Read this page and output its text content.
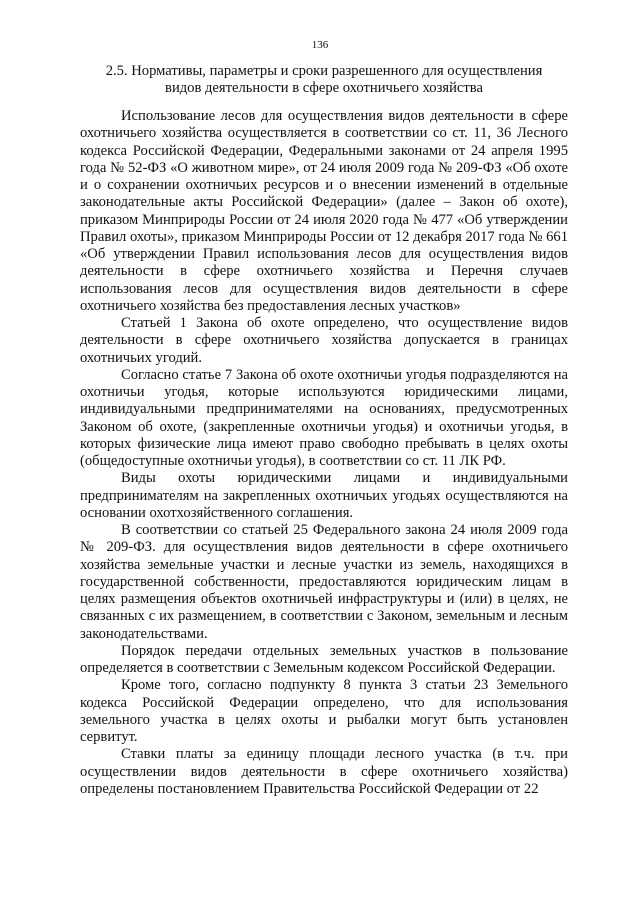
136
2.5. Нормативы, параметры и сроки разрешенного для осуществления
видов деятельности в сфере охотничьего хозяйства

Использование лесов для осуществления видов деятельности в сфере охотничьего хозяйства осуществляется в соответствии со ст. 11, 36 Лесного кодекса Российской Федерации, Федеральными законами от 24 апреля 1995 года № 52-ФЗ «О животном мире», от 24 июля 2009 года № 209-ФЗ «Об охоте и о сохранении охотничьих ресурсов и о внесении изменений в отдельные законодательные акты Российской Федерации» (далее – Закон об охоте), приказом Минприроды России от 24 июля 2020 года № 477 «Об утверждении Правил охоты», приказом Минприроды России от 12 декабря 2017 года № 661 «Об утверждении Правил использования лесов для осуществления видов деятельности в сфере охотничьего хозяйства и Перечня случаев использования лесов для осуществления видов деятельности в сфере охотничьего хозяйства без предоставления лесных участков»

Статьей 1 Закона об охоте определено, что осуществление видов деятельности в сфере охотничьего хозяйства допускается в границах охотничьих угодий.

Согласно статье 7 Закона об охоте охотничьи угодья подразделяются на охотничьи угодья, которые используются юридическими лицами, индивидуальными предпринимателями на основаниях, предусмотренных Законом об охоте, (закрепленные охотничьи угодья) и охотничьи угодья, в которых физические лица имеют право свободно пребывать в целях охоты (общедоступные охотничьи угодья), в соответствии со ст. 11 ЛК РФ.

Виды охоты юридическими лицами и индивидуальными предпринимателям на закрепленных охотничьих угодьях осуществляются на основании охотхозяйственного соглашения.

В соответствии со статьей 25 Федерального закона 24 июля 2009 года № 209-ФЗ. для осуществления видов деятельности в сфере охотничьего хозяйства земельные участки и лесные участки из земель, находящихся в государственной собственности, предоставляются юридическим лицам в целях размещения объектов охотничьей инфраструктуры и (или) в целях, не связанных с их размещением, в соответствии с Законом, земельным и лесным законодательствами.

Порядок передачи отдельных земельных участков в пользование определяется в соответствии с Земельным кодексом Российской Федерации.

Кроме того, согласно подпункту 8 пункта 3 статьи 23 Земельного кодекса Российской Федерации определено, что для использования земельного участка в целях охоты и рыбалки могут быть установлен сервитут.

Ставки платы за единицу площади лесного участка (в т.ч. при осуществлении видов деятельности в сфере охотничьего хозяйства) определены постановлением Правительства Российской Федерации от 22
